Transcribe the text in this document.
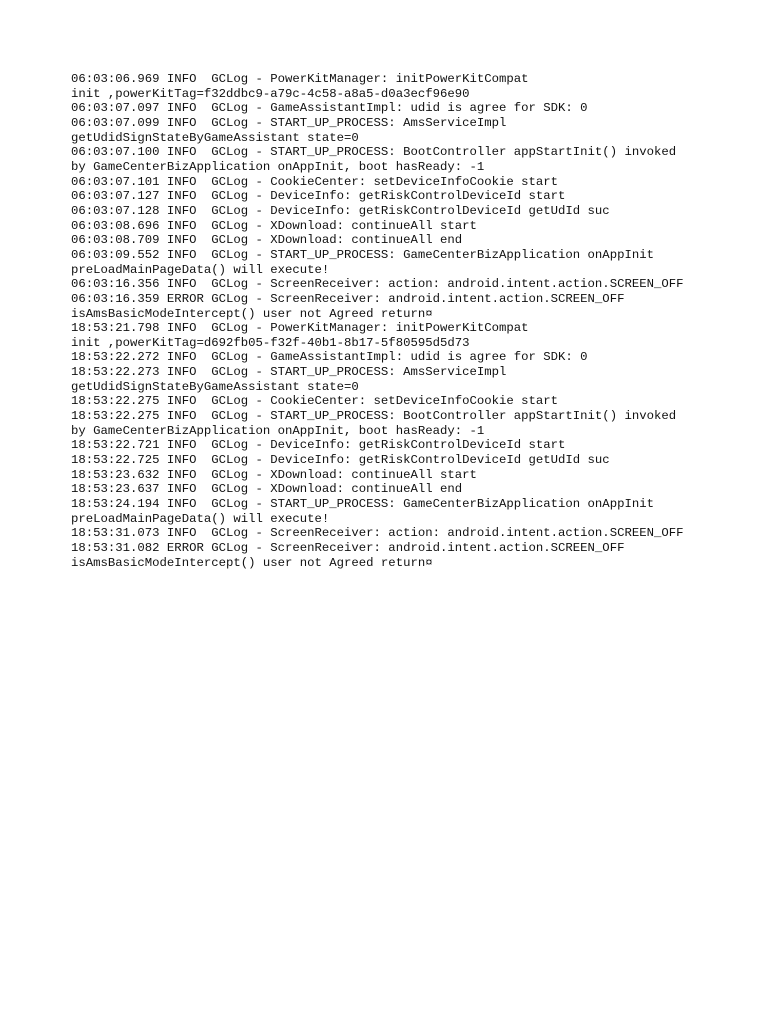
06:03:06.969 INFO  GCLog - PowerKitManager: initPowerKitCompat
init ,powerKitTag=f32ddbc9-a79c-4c58-a8a5-d0a3ecf96e90
06:03:07.097 INFO  GCLog - GameAssistantImpl: udid is agree for SDK: 0
06:03:07.099 INFO  GCLog - START_UP_PROCESS: AmsServiceImpl
getUdidSignStateByGameAssistant state=0
06:03:07.100 INFO  GCLog - START_UP_PROCESS: BootController appStartInit() invoked
by GameCenterBizApplication onAppInit, boot hasReady: -1
06:03:07.101 INFO  GCLog - CookieCenter: setDeviceInfoCookie start
06:03:07.127 INFO  GCLog - DeviceInfo: getRiskControlDeviceId start
06:03:07.128 INFO  GCLog - DeviceInfo: getRiskControlDeviceId getUdId suc
06:03:08.696 INFO  GCLog - XDownload: continueAll start
06:03:08.709 INFO  GCLog - XDownload: continueAll end
06:03:09.552 INFO  GCLog - START_UP_PROCESS: GameCenterBizApplication onAppInit
preLoadMainPageData() will execute!
06:03:16.356 INFO  GCLog - ScreenReceiver: action: android.intent.action.SCREEN_OFF
06:03:16.359 ERROR GCLog - ScreenReceiver: android.intent.action.SCREEN_OFF
isAmsBasicModeIntercept() user not Agreed return¤
18:53:21.798 INFO  GCLog - PowerKitManager: initPowerKitCompat
init ,powerKitTag=d692fb05-f32f-40b1-8b17-5f80595d5d73
18:53:22.272 INFO  GCLog - GameAssistantImpl: udid is agree for SDK: 0
18:53:22.273 INFO  GCLog - START_UP_PROCESS: AmsServiceImpl
getUdidSignStateByGameAssistant state=0
18:53:22.275 INFO  GCLog - CookieCenter: setDeviceInfoCookie start
18:53:22.275 INFO  GCLog - START_UP_PROCESS: BootController appStartInit() invoked
by GameCenterBizApplication onAppInit, boot hasReady: -1
18:53:22.721 INFO  GCLog - DeviceInfo: getRiskControlDeviceId start
18:53:22.725 INFO  GCLog - DeviceInfo: getRiskControlDeviceId getUdId suc
18:53:23.632 INFO  GCLog - XDownload: continueAll start
18:53:23.637 INFO  GCLog - XDownload: continueAll end
18:53:24.194 INFO  GCLog - START_UP_PROCESS: GameCenterBizApplication onAppInit
preLoadMainPageData() will execute!
18:53:31.073 INFO  GCLog - ScreenReceiver: action: android.intent.action.SCREEN_OFF
18:53:31.082 ERROR GCLog - ScreenReceiver: android.intent.action.SCREEN_OFF
isAmsBasicModeIntercept() user not Agreed return¤
